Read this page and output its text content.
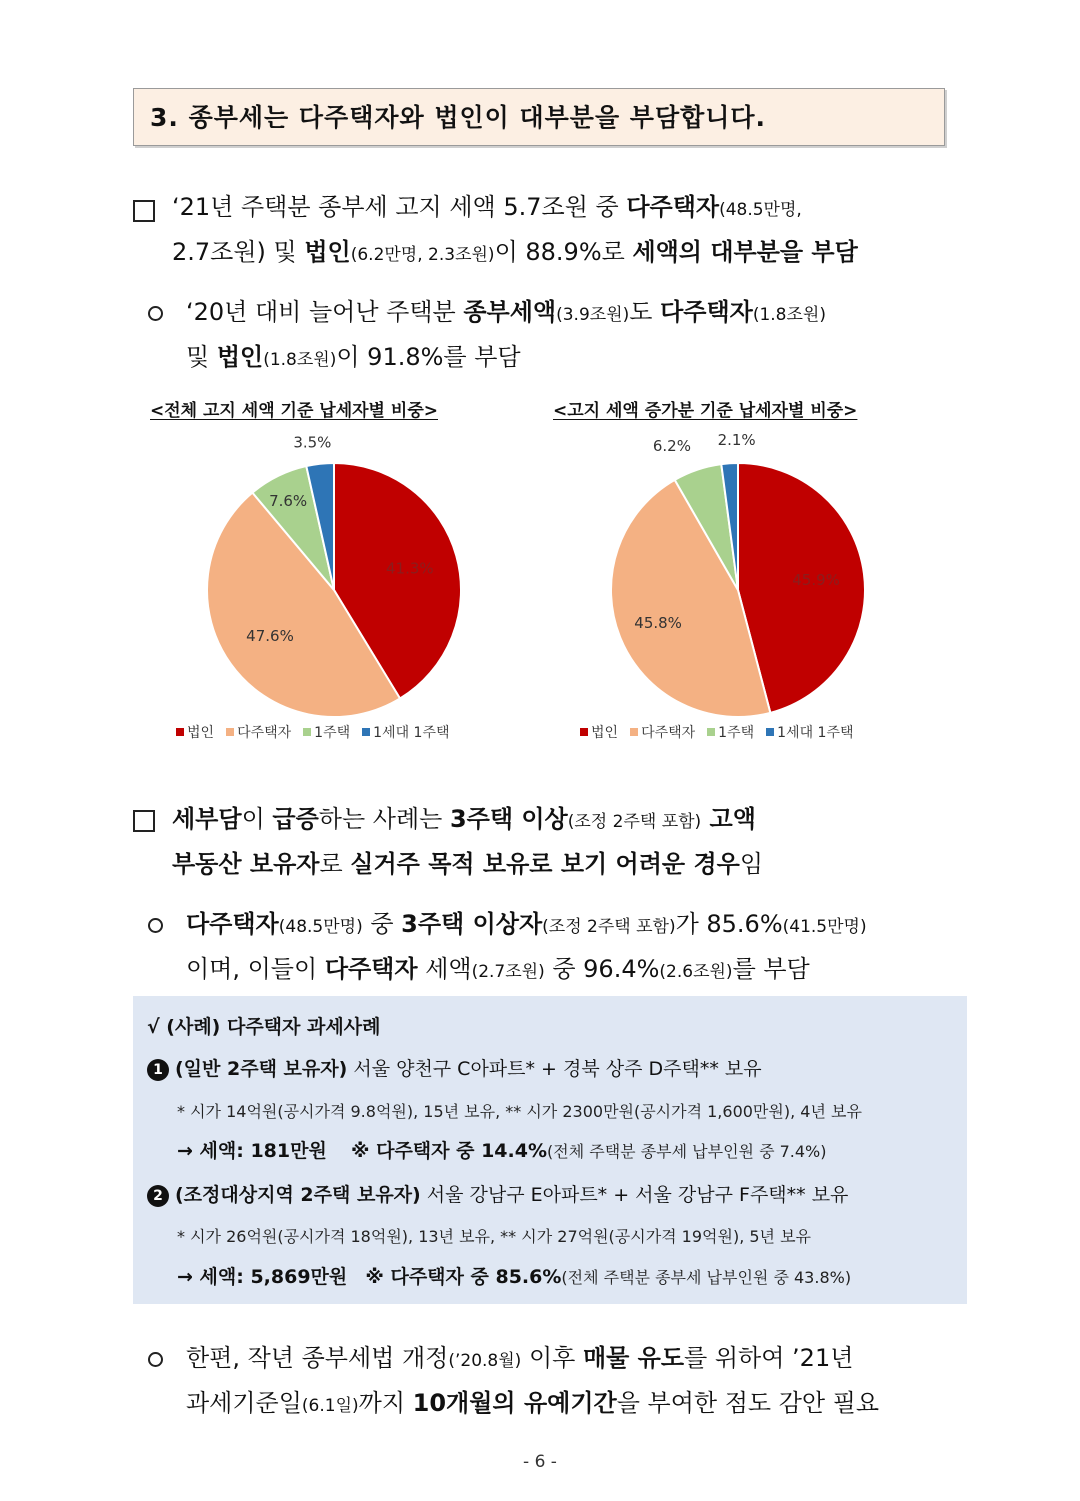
3. 종부세는 다주택자와 법인이 대부분을 부담합니다.
‘21년 주택분 종부세 고지 세액 5.7조원 중 다주택자(48.5만명,
2.7조원) 및 법인(6.2만명, 2.3조원)이 88.9%로 세액의 대부분을 부담
‘20년 대비 늘어난 주택분 종부세액(3.9조원)도 다주택자(1.8조원)
및 법인(1.8조원)이 91.8%를 부담
<전체 고지 세액 기준 납세자별 비중>	<고지 세액 증가분 기준 납세자별 비중>
41.3%
47.6%
7.6%
3.5%
45.9%
45.8%
6.2% 2.1%
법인 다주택자 1주택 1세대 1주택	법인 다주택자 1주택 1세대 1주택
세부담이 급증하는 사례는 3주택 이상(조정 2주택 포함) 고액
부동산 보유자로 실거주 목적 보유로 보기 어려운 경우임
다주택자(48.5만명) 중 3주택 이상자(조정 2주택 포함)가 85.6%(41.5만명)
이며, 이들이 다주택자 세액(2.7조원) 중 96.4%(2.6조원)를 부담
√ (사례) 다주택자 과세사례
1 (일반 2주택 보유자) 서울 양천구 C아파트* + 경북 상주 D주택** 보유
* 시가 14억원(공시가격 9.8억원), 15년 보유, ** 시가 2300만원(공시가격 1,600만원), 4년 보유
→ 세액: 181만원 ※ 다주택자 중 14.4%(전체 주택분 종부세 납부인원 중 7.4%)
2 (조정대상지역 2주택 보유자) 서울 강남구 E아파트* + 서울 강남구 F주택** 보유
* 시가 26억원(공시가격 18억원), 13년 보유, ** 시가 27억원(공시가격 19억원), 5년 보유
→ 세액: 5,869만원 ※ 다주택자 중 85.6%(전체 주택분 종부세 납부인원 중 43.8%)
한편, 작년 종부세법 개정(’20.8월) 이후 매물 유도를 위하여 ’21년
과세기준일(6.1일)까지 10개월의 유예기간을 부여한 점도 감안 필요
- 6 -
